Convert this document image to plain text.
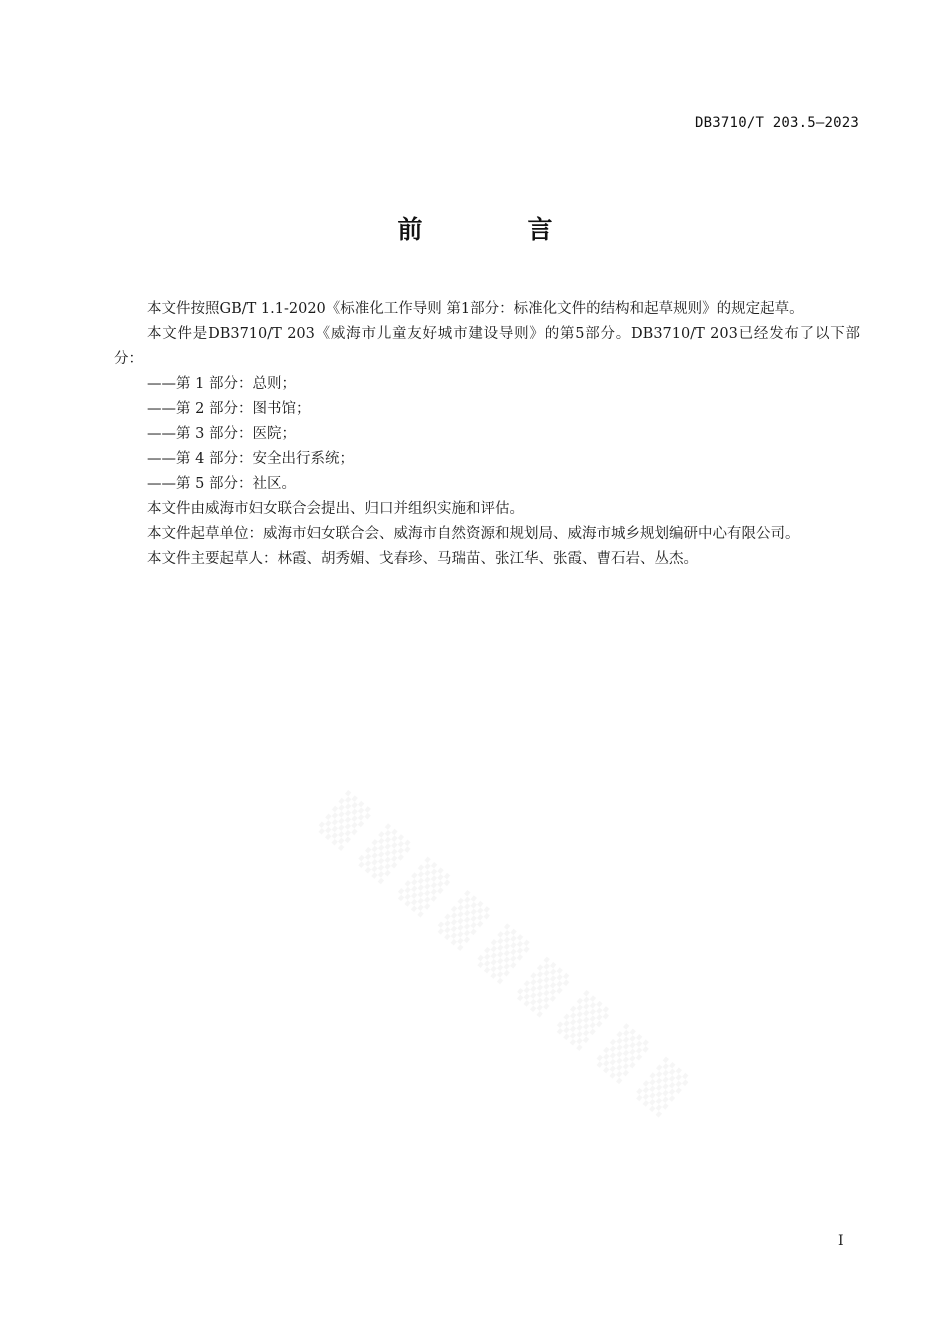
DB3710/T 203.5—2023
前　言

本文件按照GB/T 1.1-2020《标准化工作导则 第1部分：标准化文件的结构和起草规则》的规定起草。

本文件是DB3710/T 203《威海市儿童友好城市建设导则》的第5部分。DB3710/T 203已经发布了以下部分：

——第 1 部分：总则；

——第 2 部分：图书馆；

——第 3 部分：医院；

——第 4 部分：安全出行系统；

——第 5 部分：社区。

本文件由威海市妇女联合会提出、归口并组织实施和评估。

本文件起草单位：威海市妇女联合会、威海市自然资源和规划局、威海市城乡规划编研中心有限公司。

本文件主要起草人：林霞、胡秀媚、戈春珍、马瑞苗、张江华、张霞、曹石岩、丛杰。

I
